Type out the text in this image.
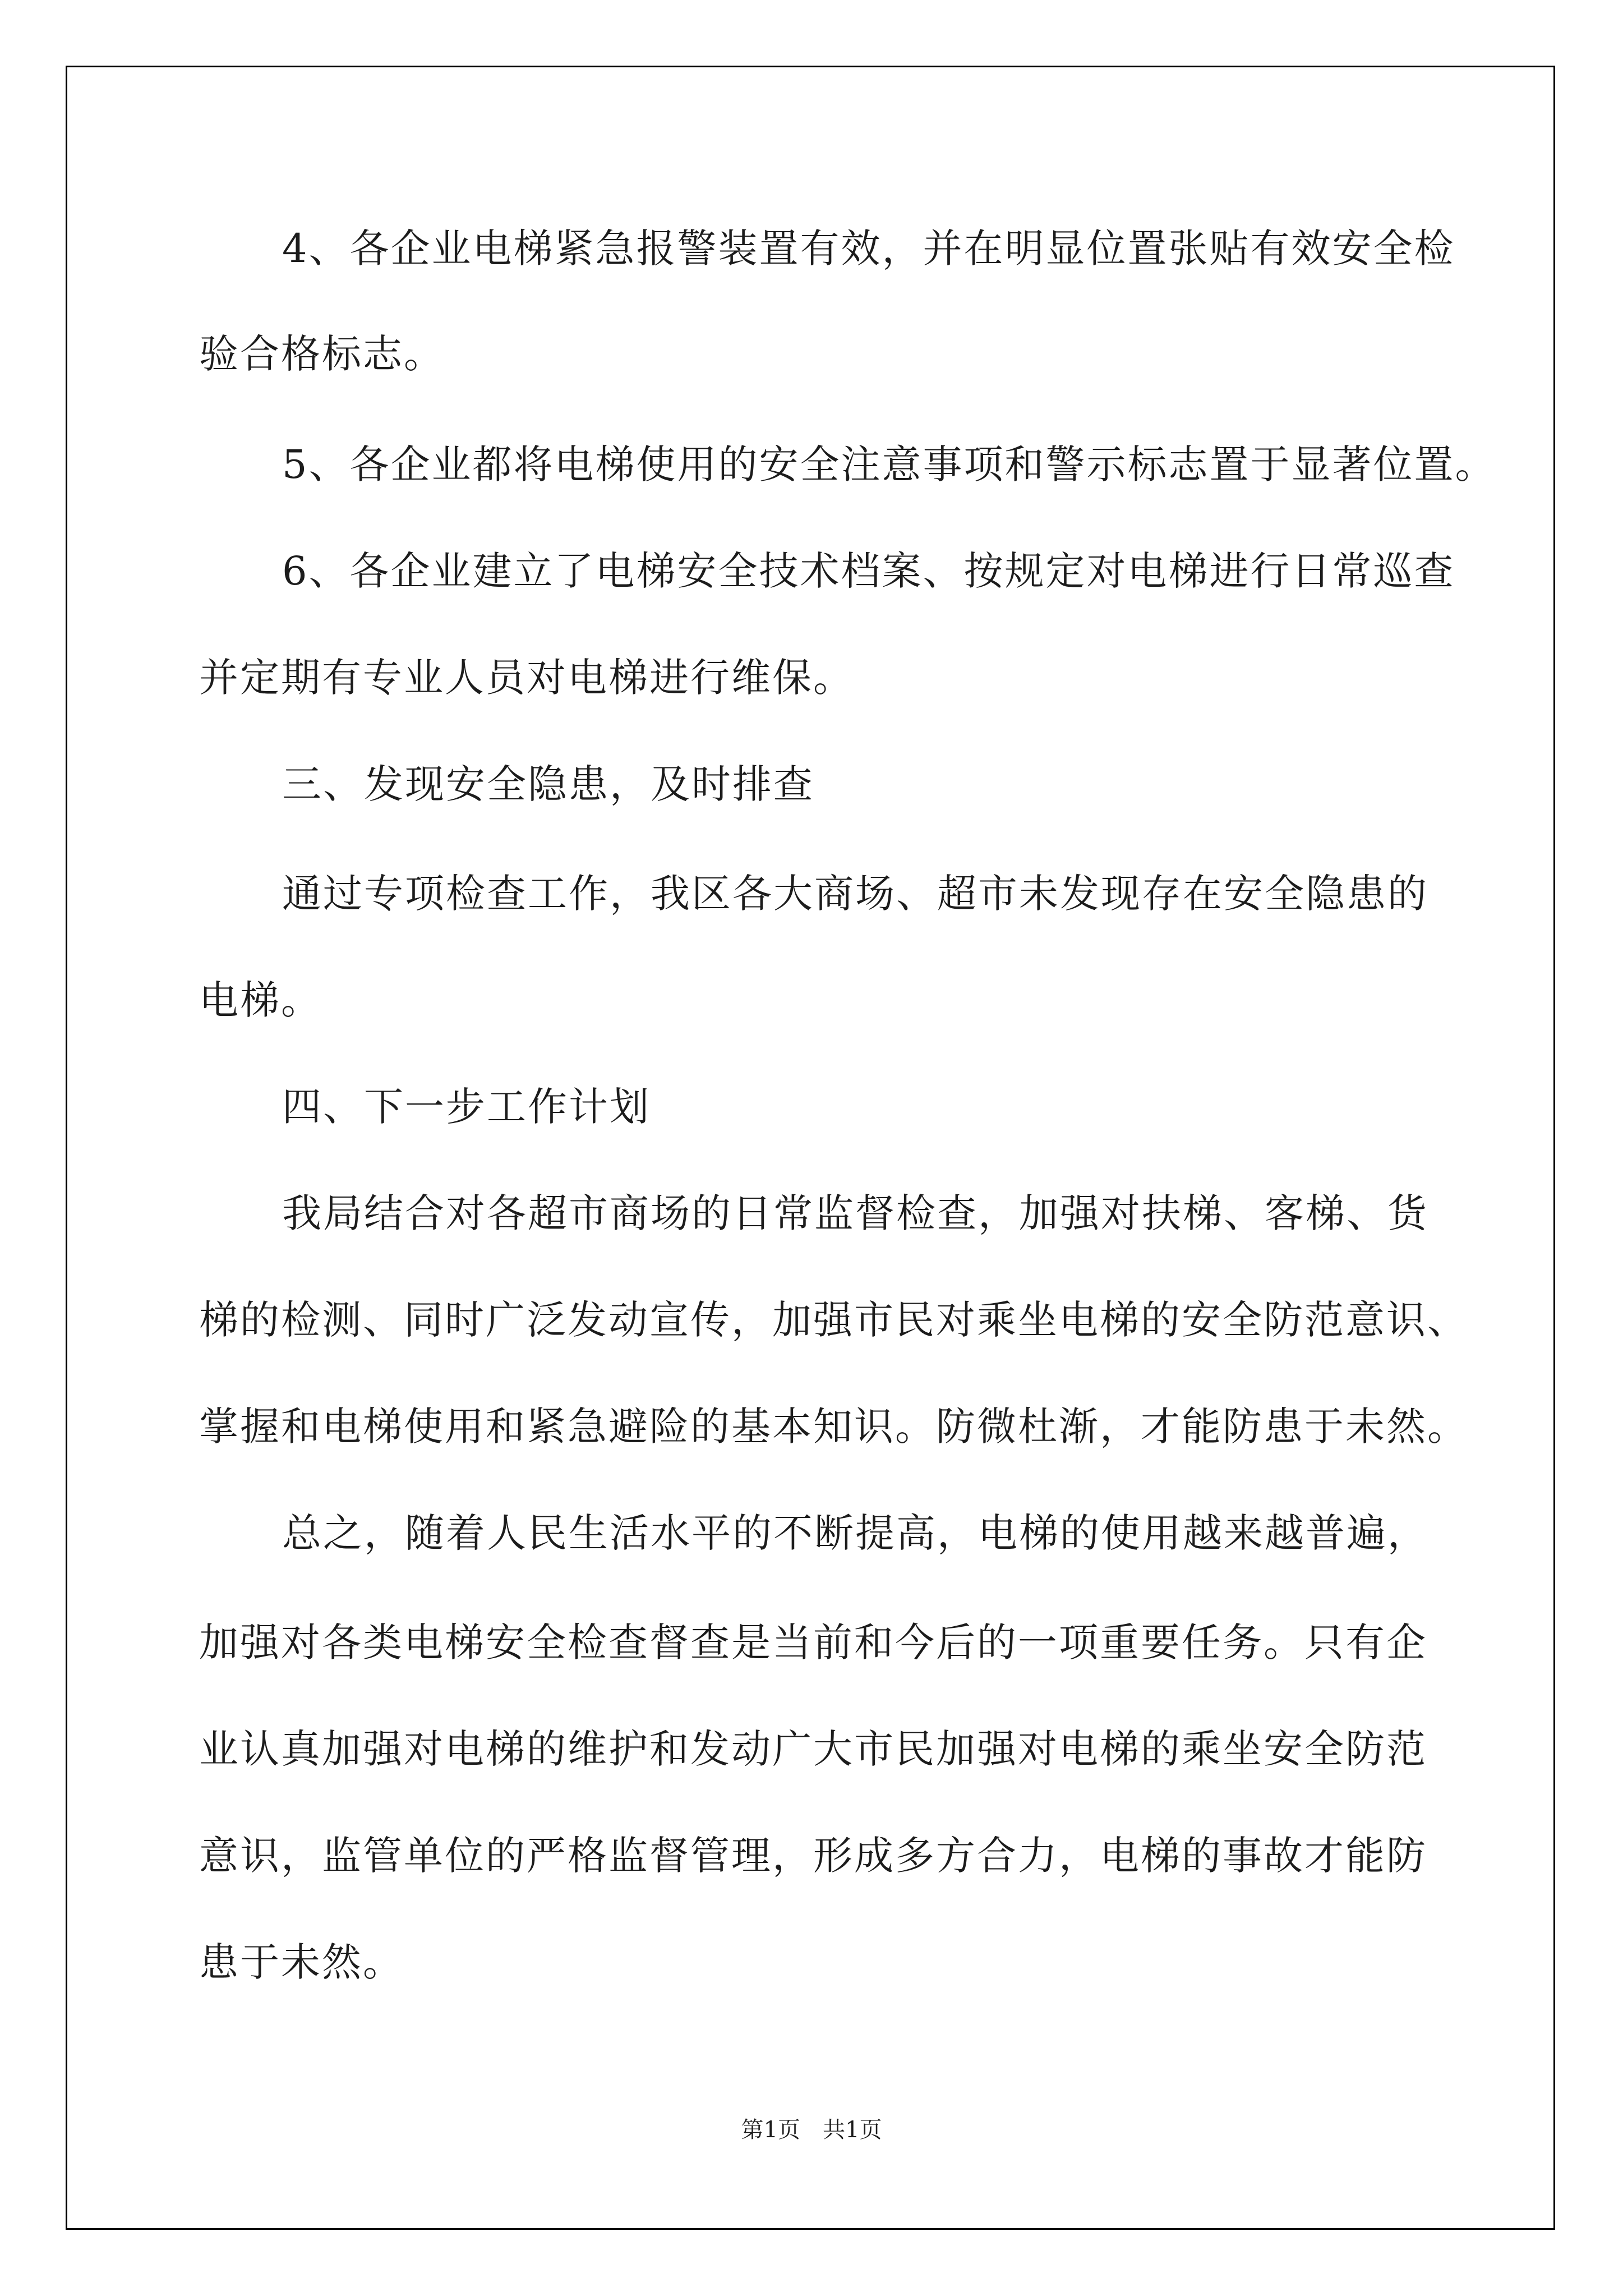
4、各企业电梯紧急报警装置有效，并在明显位置张贴有效安全检

验合格标志。

5、各企业都将电梯使用的安全注意事项和警示标志置于显著位置。

6、各企业建立了电梯安全技术档案、按规定对电梯进行日常巡查

并定期有专业人员对电梯进行维保。

三、发现安全隐患，及时排查

通过专项检查工作，我区各大商场、超市未发现存在安全隐患的

电梯。

四、下一步工作计划

我局结合对各超市商场的日常监督检查，加强对扶梯、客梯、货

梯的检测、同时广泛发动宣传，加强市民对乘坐电梯的安全防范意识、

掌握和电梯使用和紧急避险的基本知识。防微杜渐，才能防患于未然。

总之，随着人民生活水平的不断提高，电梯的使用越来越普遍，

加强对各类电梯安全检查督查是当前和今后的一项重要任务。只有企

业认真加强对电梯的维护和发动广大市民加强对电梯的乘坐安全防范

意识，监管单位的严格监督管理，形成多方合力，电梯的事故才能防

患于未然。

第1页　共1页
